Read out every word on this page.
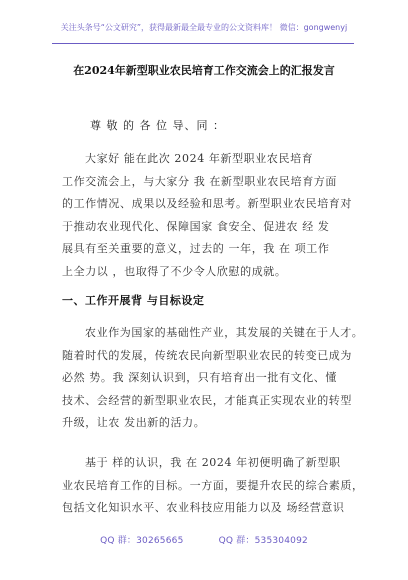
关注头条号“公文研究”，获得最新最全最专业的公文资料库！ 微信：gongwenyj
在2024年新型职业农民培育工作交流会上的汇报发言
尊 敬 的 各 位 导、同 ：
大家好 能在此次 2024 年新型职业农民培育
工作交流会上，与大家分 我 在新型职业农民培育方面
的工作情况、成果以及经验和思考。新型职业农民培育对
于推动农业现代化、保障国家 食安全、促进农 经 发
展具有至关重要的意义，过去的 一年，我 在 项工作
上全力以 ，也取得了不少令人欣慰的成就。
一、工作开展背 与目标设定
农业作为国家的基础性产业，其发展的关键在于人才。
随着时代的发展，传统农民向新型职业农民的转变已成为
必然 势。我 深刻认识到，只有培育出一批有文化、懂
技术、会经营的新型职业农民，才能真正实现农业的转型
升级，让农 发出新的活力。
基于 样的认识，我 在 2024 年初便明确了新型职
业农民培育工作的目标。一方面，要提升农民的综合素质，
包括文化知识水平、农业科技应用能力以及 场经营意识
QQ 群：30265665	QQ 群：535304092
